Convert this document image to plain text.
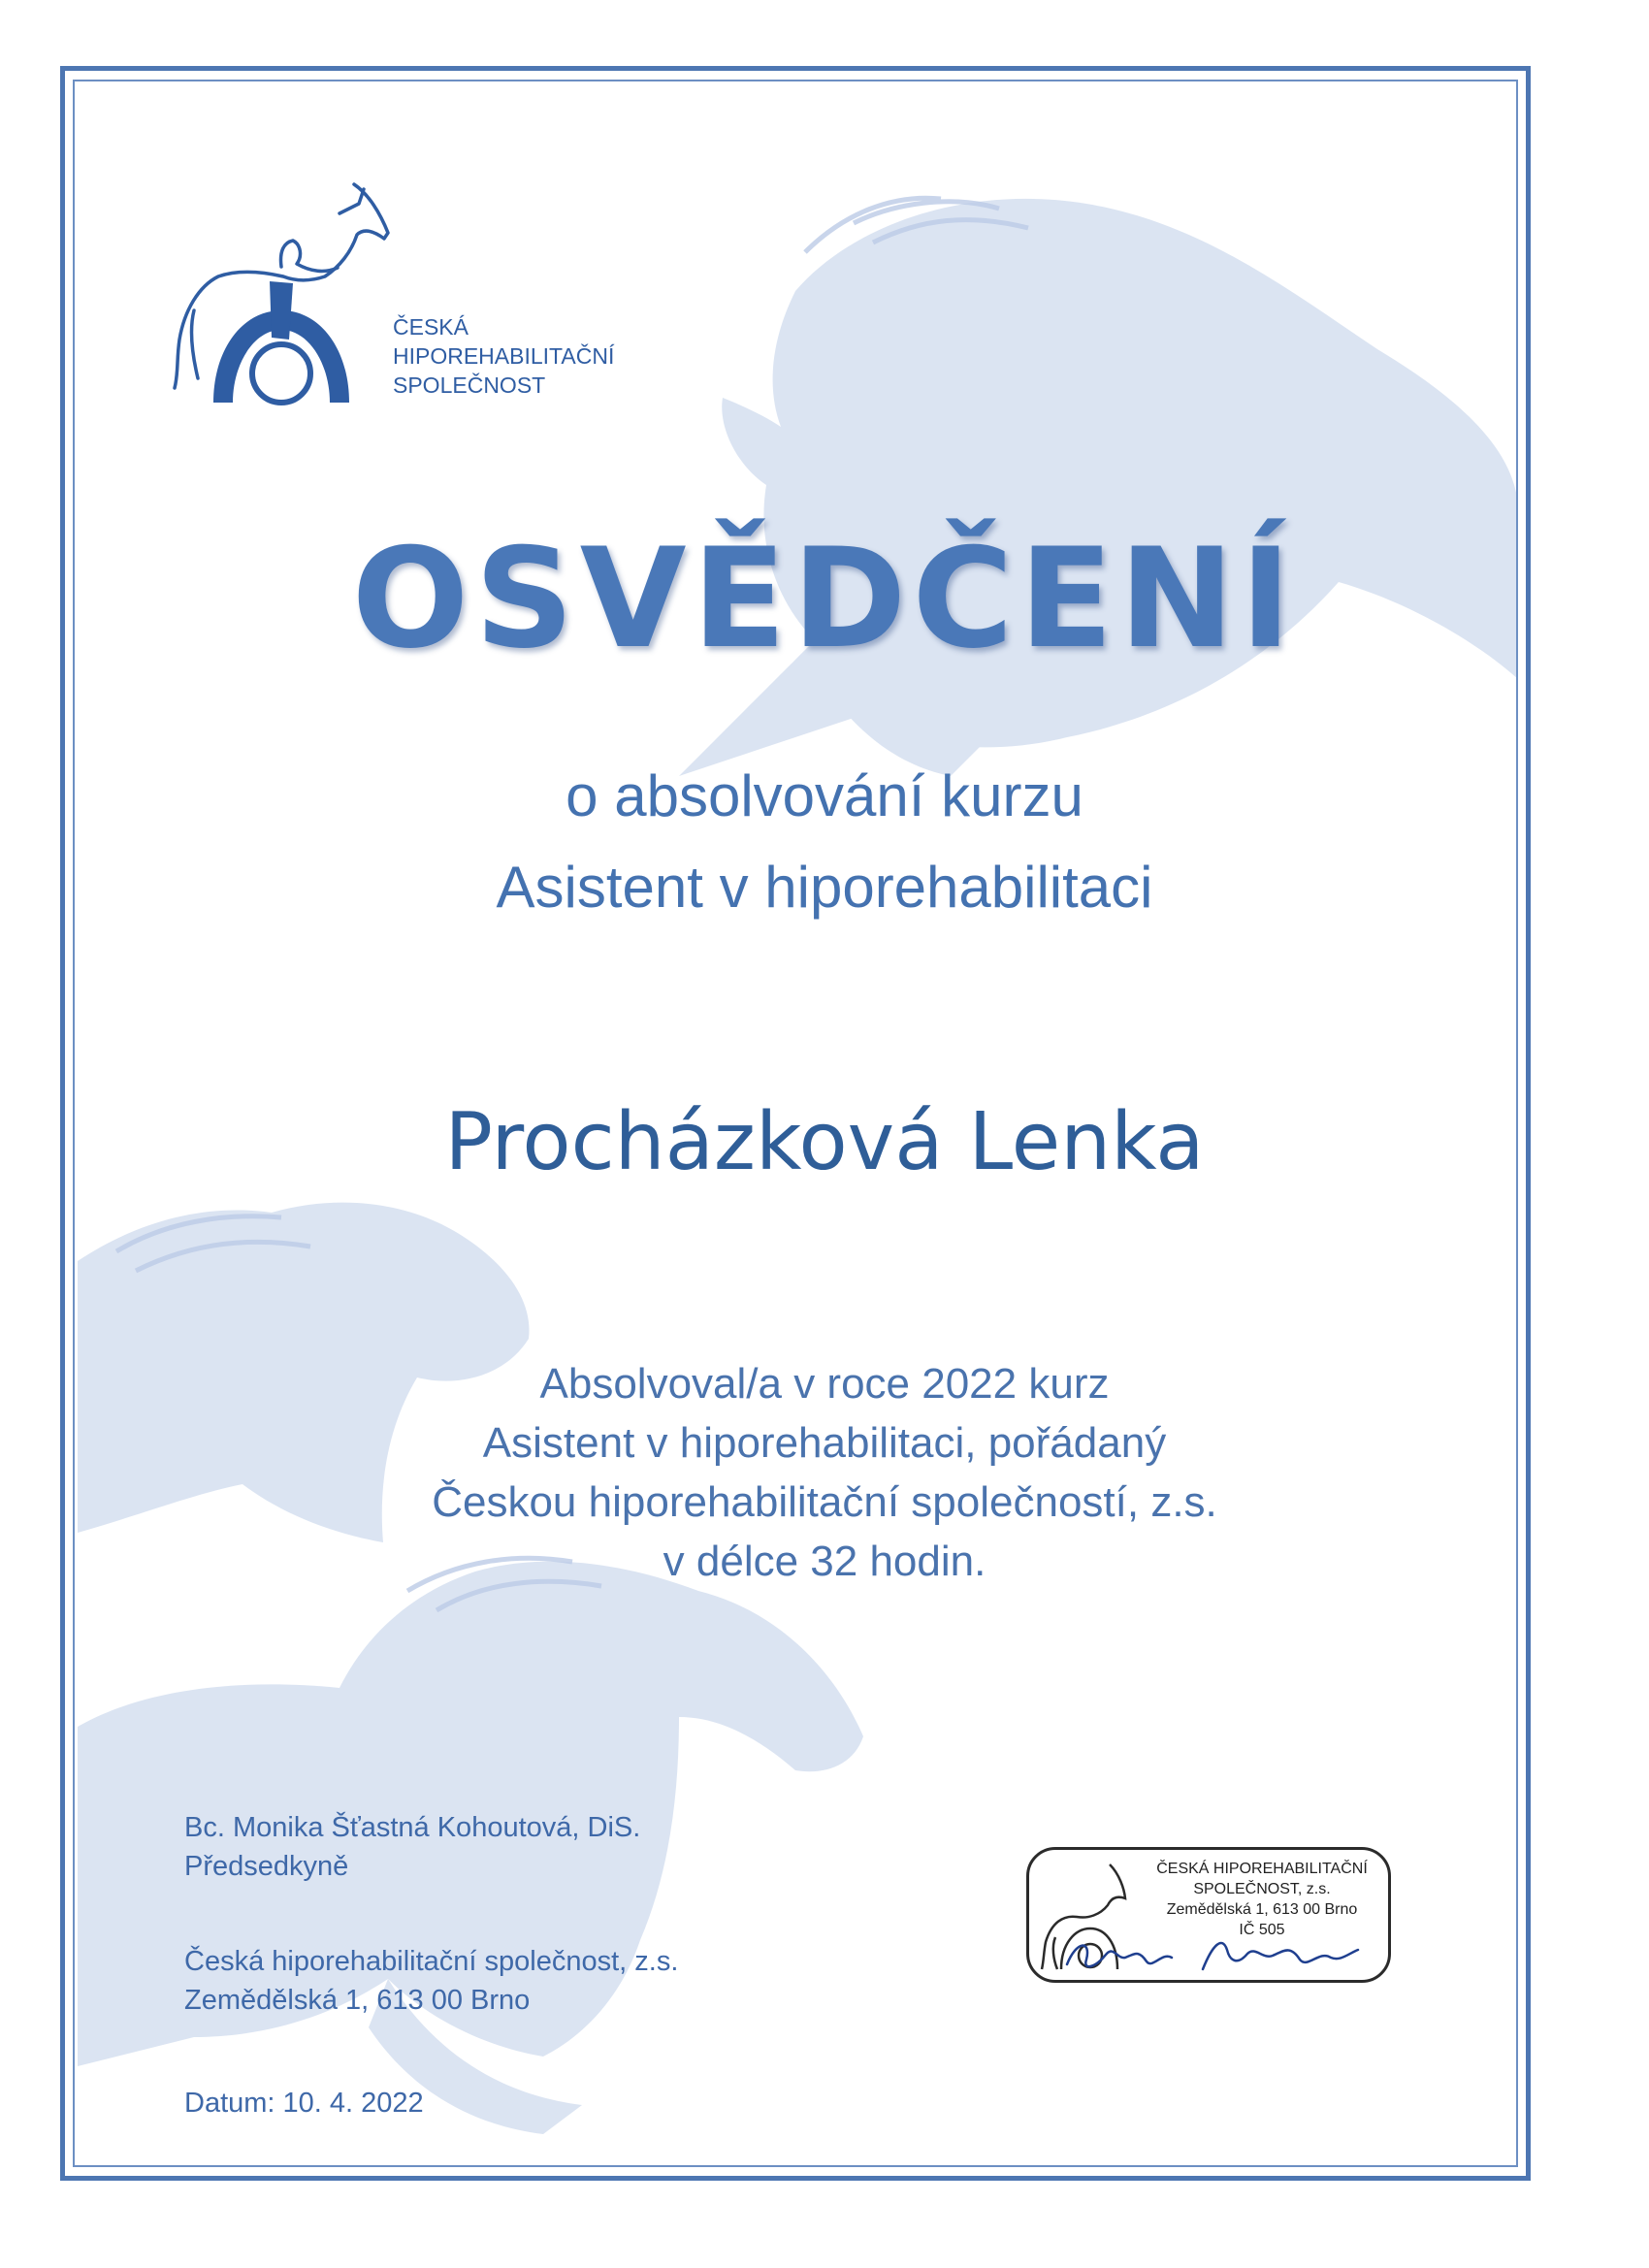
ČESKÁ
HIPOREHABILITAČNÍ
SPOLEČNOST
OSVĚDČENÍ
o absolvování kurzu
Asistent v hiporehabilitaci
Procházková Lenka
Absolvoval/a v roce 2022 kurz
Asistent v hiporehabilitaci, pořádaný
Českou hiporehabilitační společností, z.s.
v délce 32 hodin.
Bc. Monika Šťastná Kohoutová, DiS.
Předsedkyně
Česká hiporehabilitační společnost, z.s.
Zemědělská 1, 613 00 Brno
Datum: 10. 4. 2022
ČESKÁ HIPOREHABILITAČNÍ
SPOLEČNOST, z.s.
Zemědělská 1, 613 00 Brno
IČ 505
